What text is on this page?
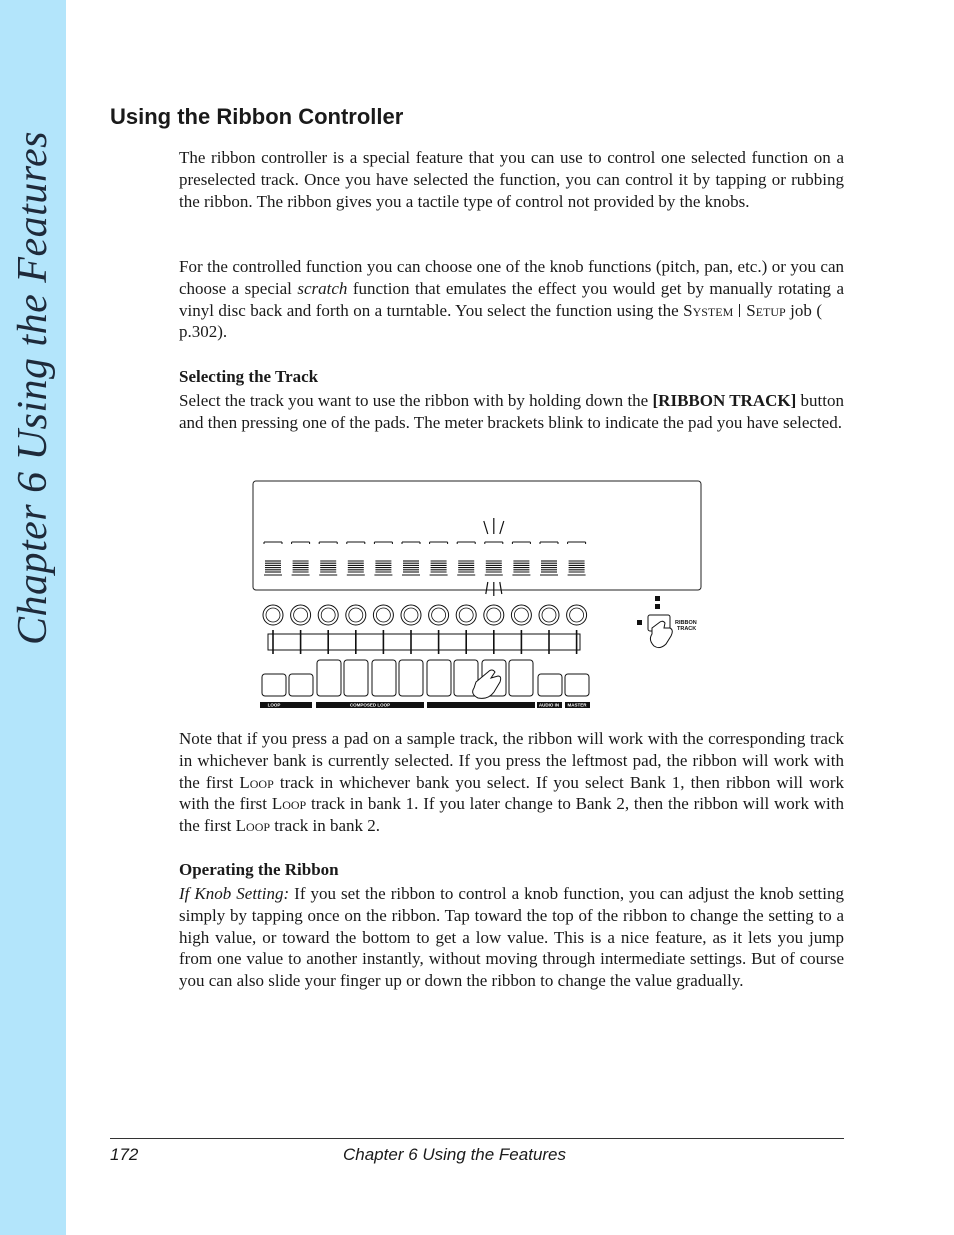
Chapter 6 Using the Features
Using the Ribbon Controller

The ribbon controller is a special feature that you can use to control one selected function on a preselected track. Once you have selected the function, you can control it by tapping or rubbing the ribbon. The ribbon gives you a tactile type of control not provided by the knobs.

For the controlled function you can choose one of the knob functions (pitch, pan, etc.) or you can choose a special scratch function that emulates the effect you would get by manually rotating a vinyl disc back and forth on a turntable. You select the function using the System Setup job (p.302).

Selecting the Track

Select the track you want to use the ribbon with by holding down the [RIBBON TRACK] button and then pressing one of the pads. The meter brackets blink to indicate the pad you have selected.

LOOP	COMPOSED LOOP	AUDIO IN MASTER
RIBBON
TRACK

Note that if you press a pad on a sample track, the ribbon will work with the corresponding track in whichever bank is currently selected. If you press the leftmost pad, the ribbon will work with the first Loop track in whichever bank you select. If you select Bank 1, then ribbon will work with the first Loop track in bank 1. If you later change to Bank 2, then the ribbon will work with the first Loop track in bank 2.

Operating the Ribbon

If Knob Setting: If you set the ribbon to control a knob function, you can adjust the knob setting simply by tapping once on the ribbon. Tap toward the top of the ribbon to change the setting to a high value, or toward the bottom to get a low value. This is a nice feature, as it lets you jump from one value to another instantly, without moving through intermediate settings. But of course you can also slide your finger up or down the ribbon to change the value gradually.

172	Chapter 6 Using the Features
